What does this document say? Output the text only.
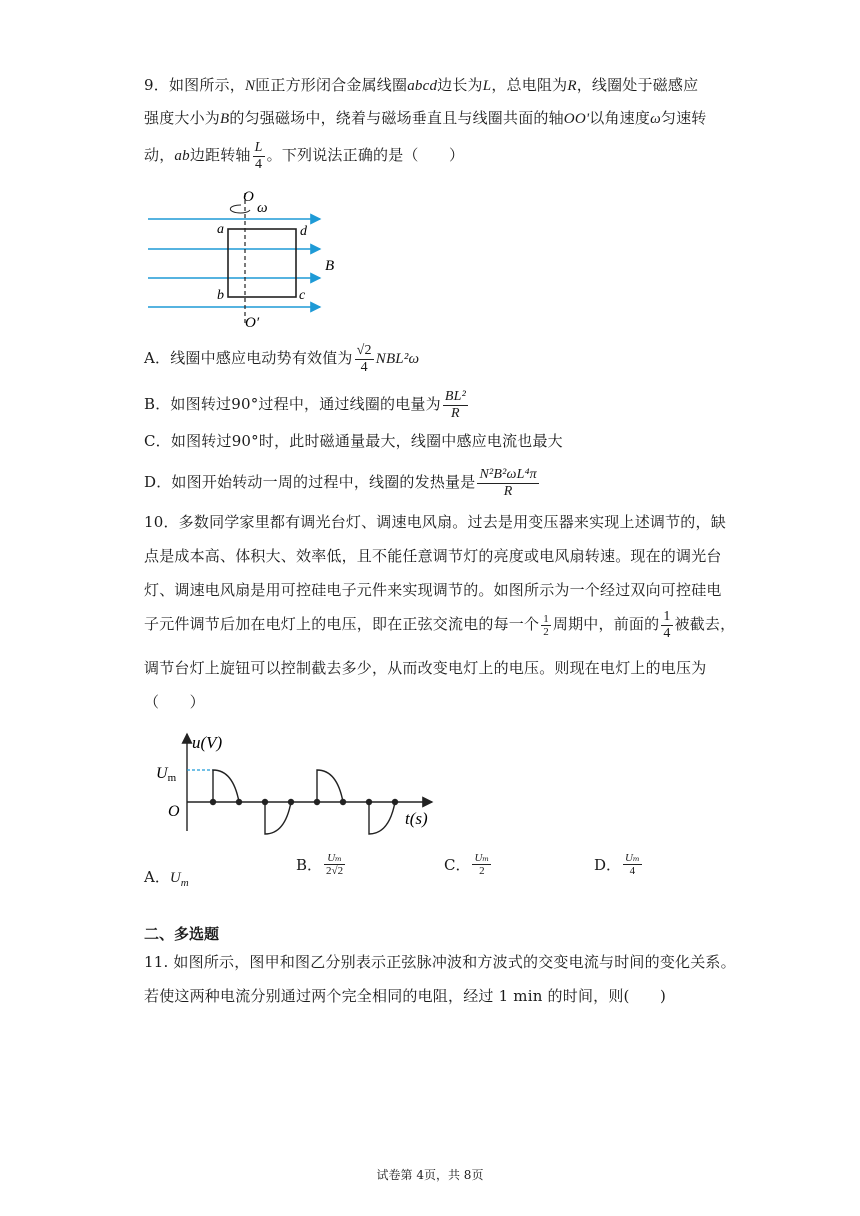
9．如图所示，N匝正方形闭合金属线圈abcd边长为L，总电阻为R，线圈处于磁感应
强度大小为B的匀强磁场中，绕着与磁场垂直且与线圈共面的轴OO'以角速度ω匀速转
动，ab边距转轴 $\frac{L}{4}$ 。下列说法正确的是（　　）
O
ω
a	d
B
b	c
O′
A．线圈中感应电动势有效值为 $\frac{√2}{4} NBL^2\omega$
B．如图转过90°过程中，通过线圈的电量为 $\frac{\text{BL²}}{R}$
C．如图转过90°时，此时磁通量最大，线圈中感应电流也最大
D．如图开始转动一周的过程中，线圈的发热量是 $\frac{\text{N²B²ωL⁴π}}{R}$
10．多数同学家里都有调光台灯、调速电风扇。过去是用变压器来实现上述调节的，缺
点是成本高、体积大、效率低，且不能任意调节灯的亮度或电风扇转速。现在的调光台
灯、调速电风扇是用可控硅电子元件来实现调节的。如图所示为一个经过双向可控硅电
子元件调节后加在电灯上的电压，即在正弦交流电的每一个 $\frac{1}{2}$ 周期中，前面的 $\frac{1}{4}$ 被截去，
调节台灯上旋钮可以控制截去多少，从而改变电灯上的电压。则现在电灯上的电压为
（　　）
u(V)
Um
O	t(s)
A．$U_m$
B． $\frac{\text{Uₘ}}{2√2}$	C． $\frac{\text{Uₘ}}{2}$	D． $\frac{\text{Uₘ}}{4}$
二、多选题
11. 如图所示，图甲和图乙分别表示正弦脉冲波和方波式的交变电流与时间的变化关系。
若使这两种电流分别通过两个完全相同的电阻，经过 1 min 的时间，则(　　)
试卷第 4页，共 8页
